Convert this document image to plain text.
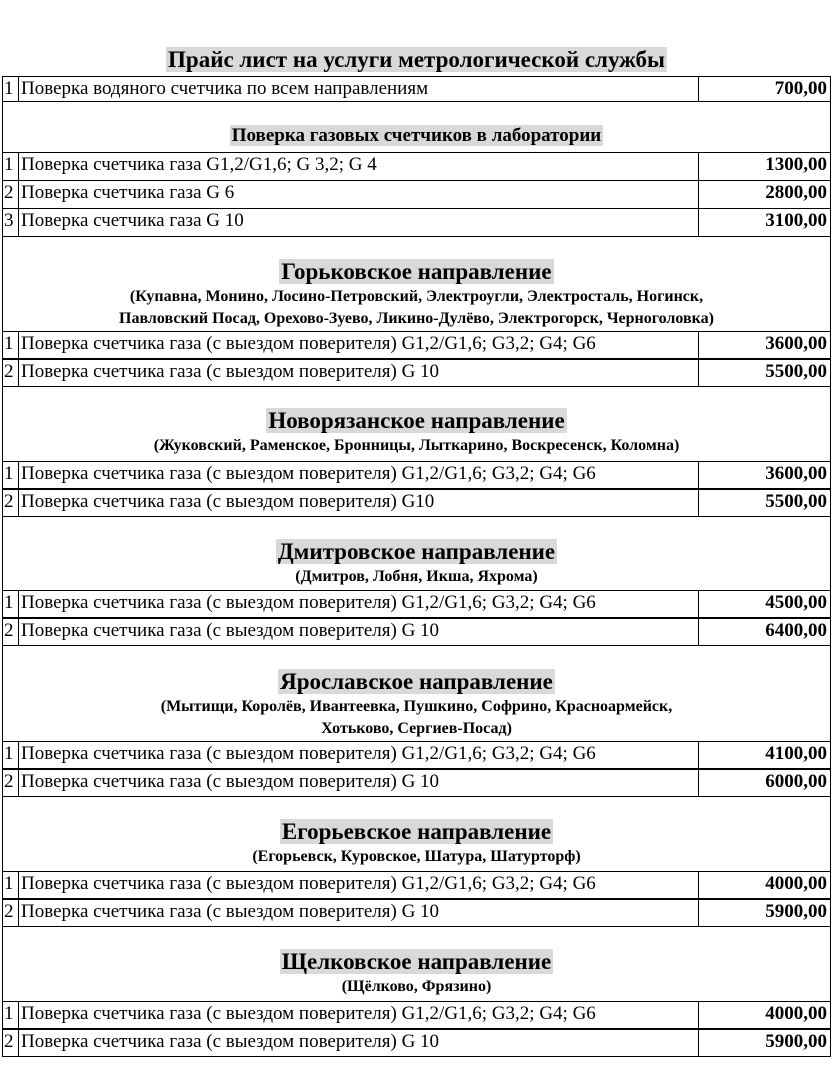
Прайс лист на услуги метрологической службы
1 Поверка водяного счетчика по всем направлениям	700,00
Поверка газовых счетчиков в лаборатории
1 Поверка счетчика газа G1,2/G1,6; G 3,2; G 4	1300,00
2 Поверка счетчика газа G 6	2800,00
3 Поверка счетчика газа G 10	3100,00
Горьковское направление
(Купавна, Монино, Лосино-Петровский, Электроугли, Электросталь, Ногинск,
Павловский Посад, Орехово-Зуево, Ликино-Дулёво, Электрогорск, Черноголовка)
1 Поверка счетчика газа (с выездом поверителя) G1,2/G1,6; G3,2; G4; G6	3600,00
2 Поверка счетчика газа (с выездом поверителя) G 10	5500,00
Новорязанское направление
(Жуковский, Раменское, Бронницы, Лыткарино, Воскресенск, Коломна)
1 Поверка счетчика газа (с выездом поверителя) G1,2/G1,6; G3,2; G4; G6	3600,00
2 Поверка счетчика газа (с выездом поверителя) G10	5500,00
Дмитровское направление
(Дмитров, Лобня, Икша, Яхрома)
1 Поверка счетчика газа (с выездом поверителя) G1,2/G1,6; G3,2; G4; G6	4500,00
2 Поверка счетчика газа (с выездом поверителя) G 10	6400,00
Ярославское направление
(Мытищи, Королёв, Ивантеевка, Пушкино, Софрино, Красноармейск,
Хотьково, Сергиев-Посад)
1 Поверка счетчика газа (с выездом поверителя) G1,2/G1,6; G3,2; G4; G6	4100,00
2 Поверка счетчика газа (с выездом поверителя) G 10	6000,00
Егорьевское направление
(Егорьевск, Куровское, Шатура, Шатурторф)
1 Поверка счетчика газа (с выездом поверителя) G1,2/G1,6; G3,2; G4; G6	4000,00
2 Поверка счетчика газа (с выездом поверителя) G 10	5900,00
Щелковское направление
(Щёлково, Фрязино)
1 Поверка счетчика газа (с выездом поверителя) G1,2/G1,6; G3,2; G4; G6	4000,00
2 Поверка счетчика газа (с выездом поверителя) G 10	5900,00
